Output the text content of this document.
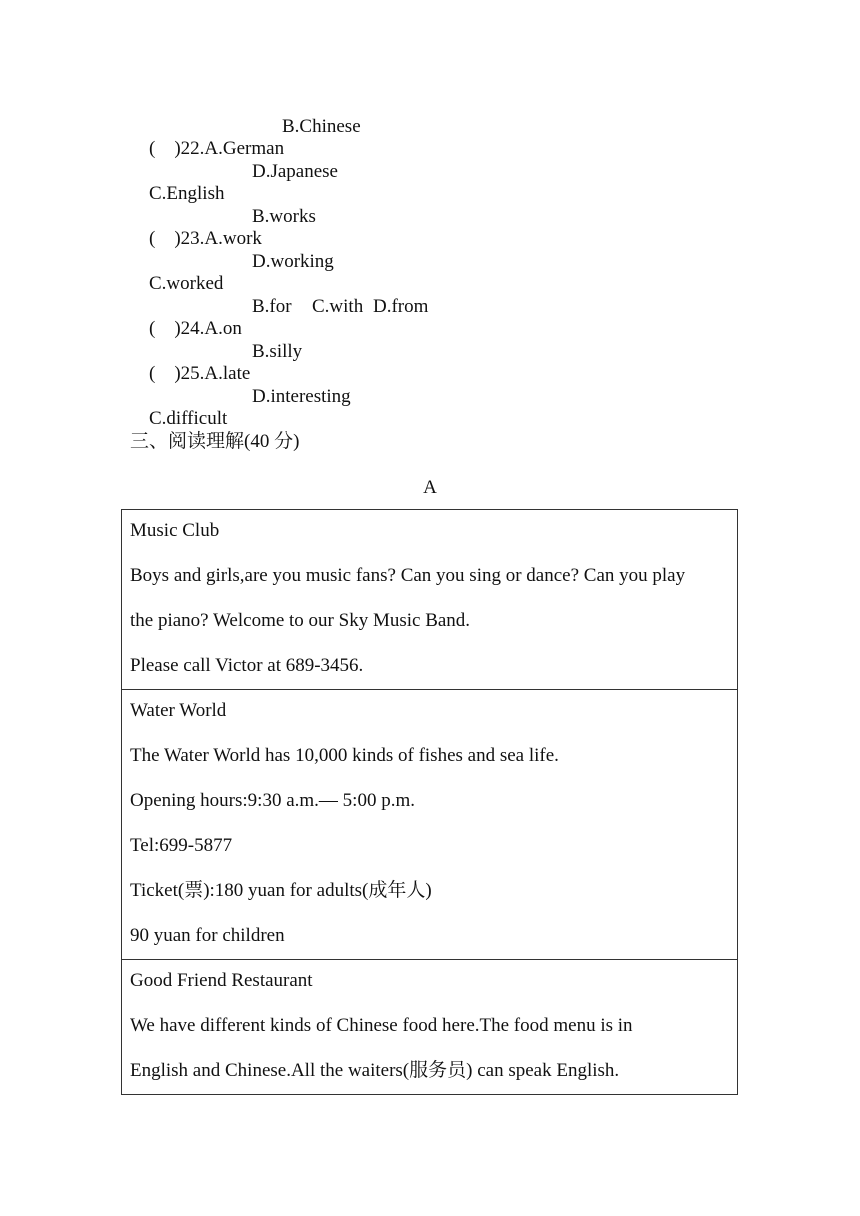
(    )22.A.German

B.Chinese

C.English

D.Japanese

(    )23.A.work

B.works

C.worked

D.working

(    )24.A.on

B.for

C.with

D.from

(    )25.A.late

B.silly

C.difficult

D.interesting

三、阅读理解(40 分)
A
Music Club
Boys and girls,are you music fans? Can you sing or dance? Can you play
the piano? Welcome to our Sky Music Band.
Please call Victor at 689-3456.

Water World
The Water World has 10,000 kinds of fishes and sea life.
Opening hours:9:30 a.m.— 5:00 p.m.
Tel:699-5877
Ticket(票):180 yuan for adults(成年人)
90 yuan for children

Good Friend Restaurant
We have different kinds of Chinese food here.The food menu is in
English and Chinese.All the waiters(服务员) can speak English.
